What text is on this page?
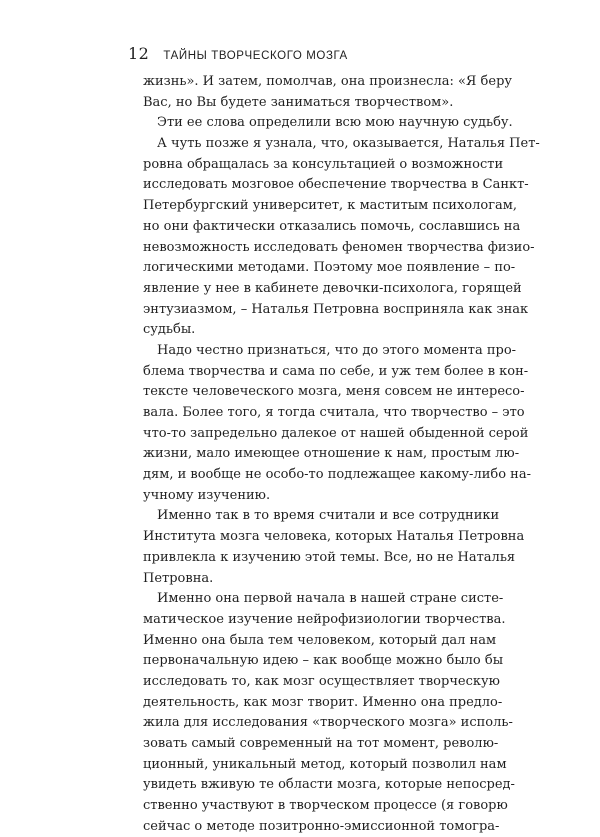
12 ТАЙНЫ ТВОРЧЕСКОГО МОЗГА
жизнь». И затем, помолчав, она произнесла: «Я беру
Вас, но Вы будете заниматься творчеством».
Эти ее слова определили всю мою научную судьбу.
А чуть позже я узнала, что, оказывается, Наталья Пет-
ровна обращалась за консультацией о возможности
исследовать мозговое обеспечение творчества в Санкт-
Петербургский университет, к маститым психологам,
но они фактически отказались помочь, сославшись на
невозможность исследовать феномен творчества физио-
логическими методами. Поэтому мое появление – по-
явление у нее в кабинете девочки-психолога, горящей
энтузиазмом, – Наталья Петровна восприняла как знак
судьбы.
Надо честно признаться, что до этого момента про-
блема творчества и сама по себе, и уж тем более в кон-
тексте человеческого мозга, меня совсем не интересо-
вала. Более того, я тогда считала, что творчество – это
что-то запредельно далекое от нашей обыденной серой
жизни, мало имеющее отношение к нам, простым лю-
дям, и вообще не особо-то подлежащее какому-либо на-
учному изучению.
Именно так в то время считали и все сотрудники
Института мозга человека, которых Наталья Петровна
привлекла к изучению этой темы. Все, но не Наталья
Петровна.
Именно она первой начала в нашей стране систе-
матическое изучение нейрофизиологии творчества.
Именно она была тем человеком, который дал нам
первоначальную идею – как вообще можно было бы
исследовать то, как мозг осуществляет творческую
деятельность, как мозг творит. Именно она предло-
жила для исследования «творческого мозга» исполь-
зовать самый современный на тот момент, револю-
ционный, уникальный метод, который позволил нам
увидеть вживую те области мозга, которые непосред-
ственно участвуют в творческом процессе (я говорю
сейчас о методе позитронно-эмиссионной томогра-
